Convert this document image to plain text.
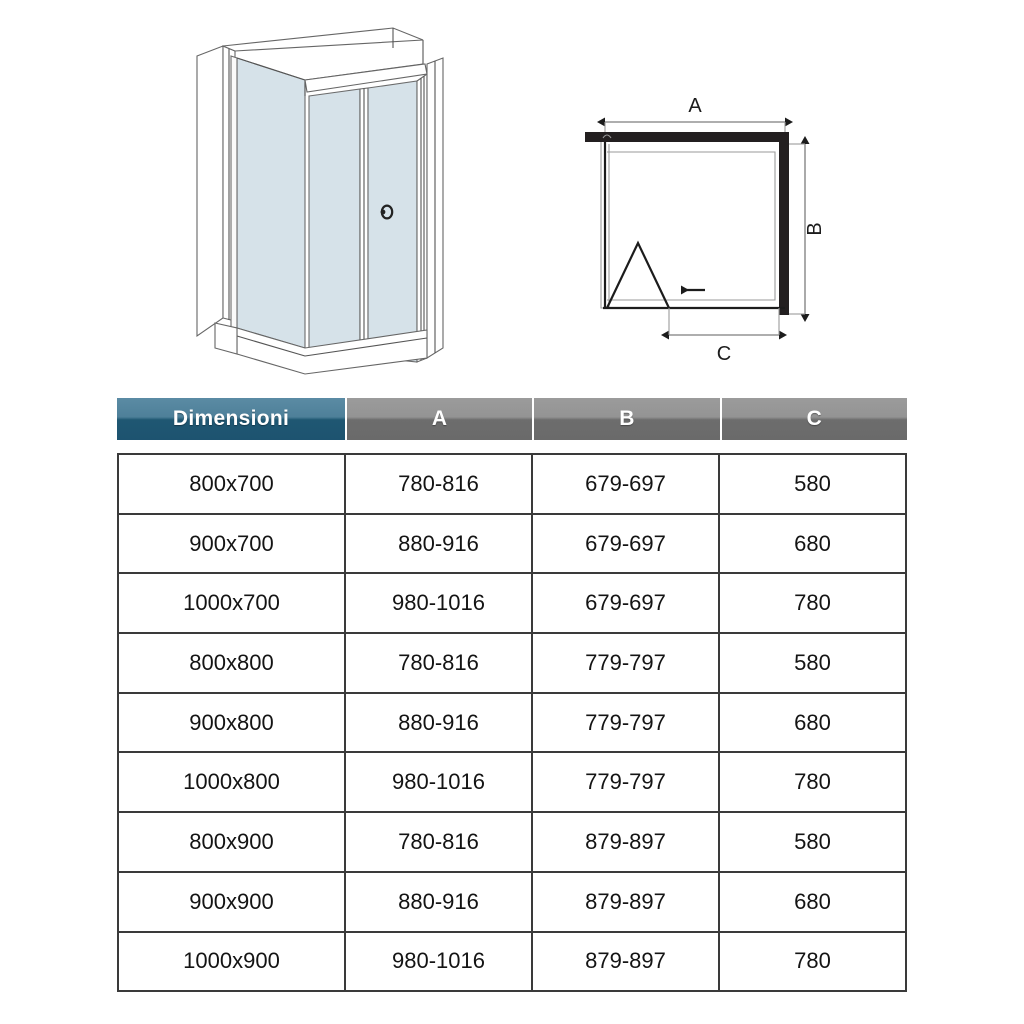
A
B
C
Dimensioni	A	B	C
800x700	780-816	679-697	580
900x700	880-916	679-697	680
1000x700	980-1016	679-697	780
800x800	780-816	779-797	580
900x800	880-916	779-797	680
1000x800	980-1016	779-797	780
800x900	780-816	879-897	580
900x900	880-916	879-897	680
1000x900	980-1016	879-897	780
